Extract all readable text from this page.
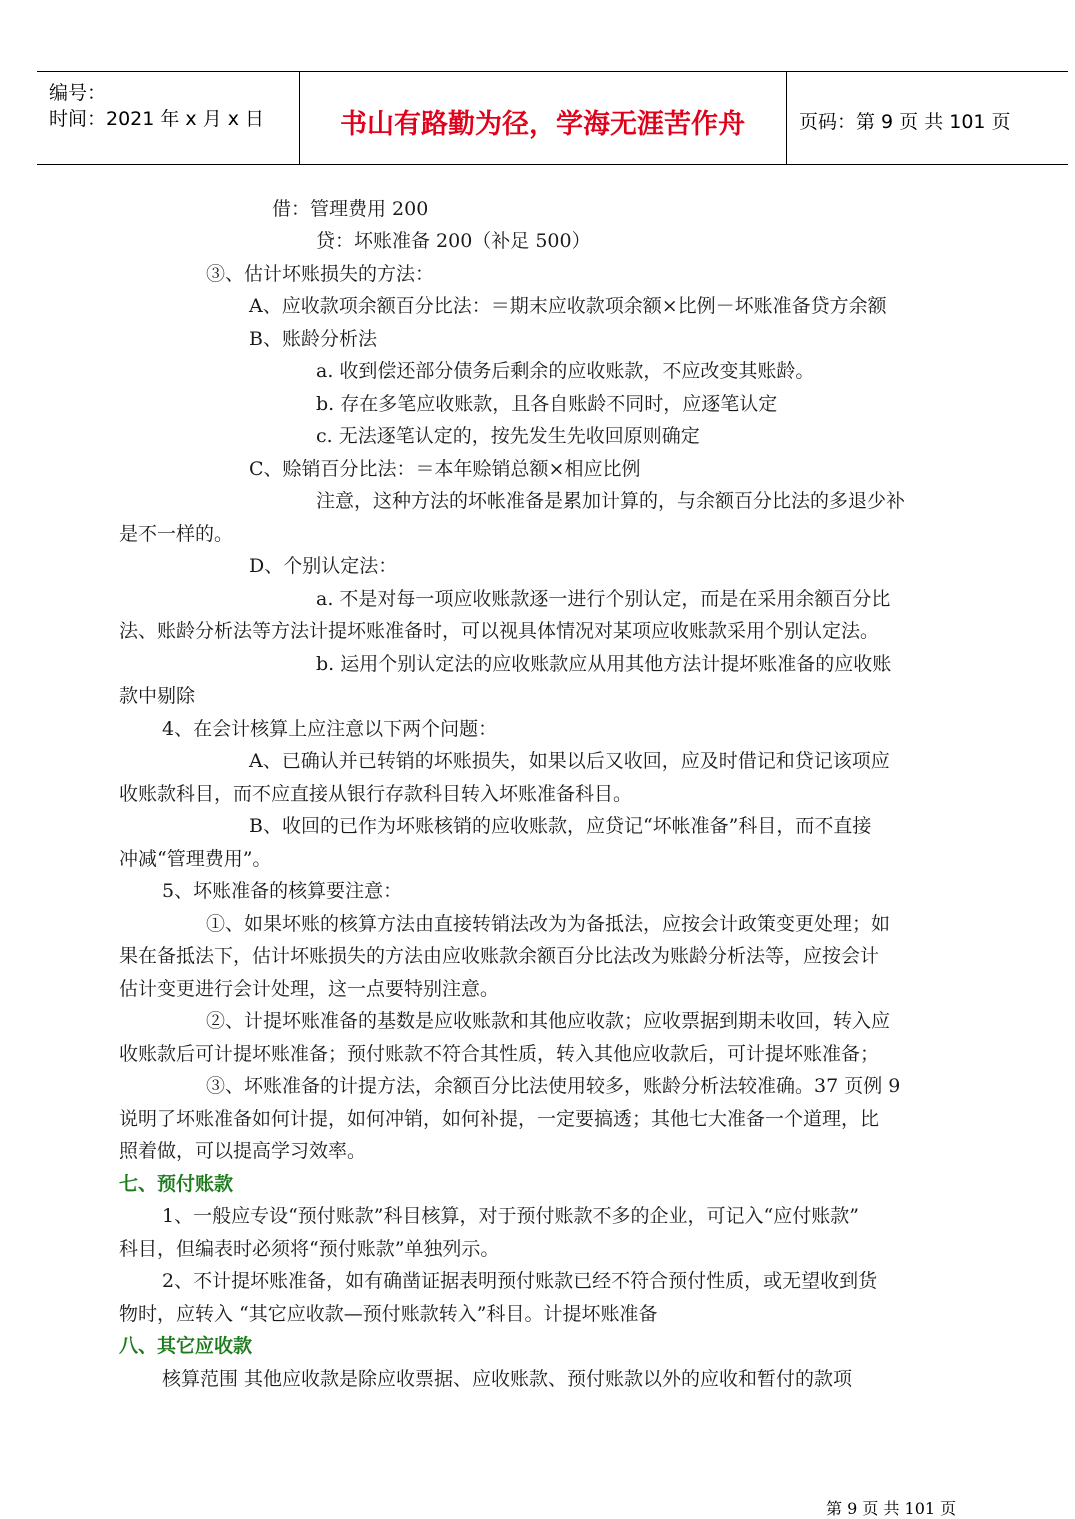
编号：
时间：2021 年 x 月 x 日	书山有路勤为径，学海无涯苦作舟	页码：第 9 页 共 101 页
借：管理费用 200
贷：坏账准备 200（补足 500）
③、估计坏账损失的方法：
A、应收款项余额百分比法：＝期末应收款项余额×比例－坏账准备贷方余额
B、账龄分析法
a. 收到偿还部分债务后剩余的应收账款，不应改变其账龄。
b. 存在多笔应收账款，且各自账龄不同时，应逐笔认定
c. 无法逐笔认定的，按先发生先收回原则确定
C、赊销百分比法：＝本年赊销总额×相应比例
注意，这种方法的坏帐准备是累加计算的，与余额百分比法的多退少补
是不一样的。
D、个别认定法：
a. 不是对每一项应收账款逐一进行个别认定，而是在采用余额百分比
法、账龄分析法等方法计提坏账准备时，可以视具体情况对某项应收账款采用个别认定法。
b. 运用个别认定法的应收账款应从用其他方法计提坏账准备的应收账
款中剔除
4、在会计核算上应注意以下两个问题：
A、已确认并已转销的坏账损失，如果以后又收回，应及时借记和贷记该项应
收账款科目，而不应直接从银行存款科目转入坏账准备科目。
B、收回的已作为坏账核销的应收账款，应贷记“坏帐准备”科目，而不直接
冲减“管理费用”。
5、坏账准备的核算要注意：
①、如果坏账的核算方法由直接转销法改为为备抵法，应按会计政策变更处理；如
果在备抵法下，估计坏账损失的方法由应收账款余额百分比法改为账龄分析法等，应按会计
估计变更进行会计处理，这一点要特别注意。
②、计提坏账准备的基数是应收账款和其他应收款；应收票据到期未收回，转入应
收账款后可计提坏账准备；预付账款不符合其性质，转入其他应收款后，可计提坏账准备；
③、坏账准备的计提方法，余额百分比法使用较多，账龄分析法较准确。37 页例 9
说明了坏账准备如何计提，如何冲销，如何补提，一定要搞透；其他七大准备一个道理，比
照着做，可以提高学习效率。
七、预付账款
1、一般应专设“预付账款”科目核算，对于预付账款不多的企业，可记入“应付账款”
科目，但编表时必须将“预付账款”单独列示。
2、不计提坏账准备，如有确凿证据表明预付账款已经不符合预付性质，或无望收到货
物时，应转入 “其它应收款—预付账款转入”科目。计提坏账准备
八、其它应收款
核算范围 其他应收款是除应收票据、应收账款、预付账款以外的应收和暂付的款项
第 9 页 共 101 页
